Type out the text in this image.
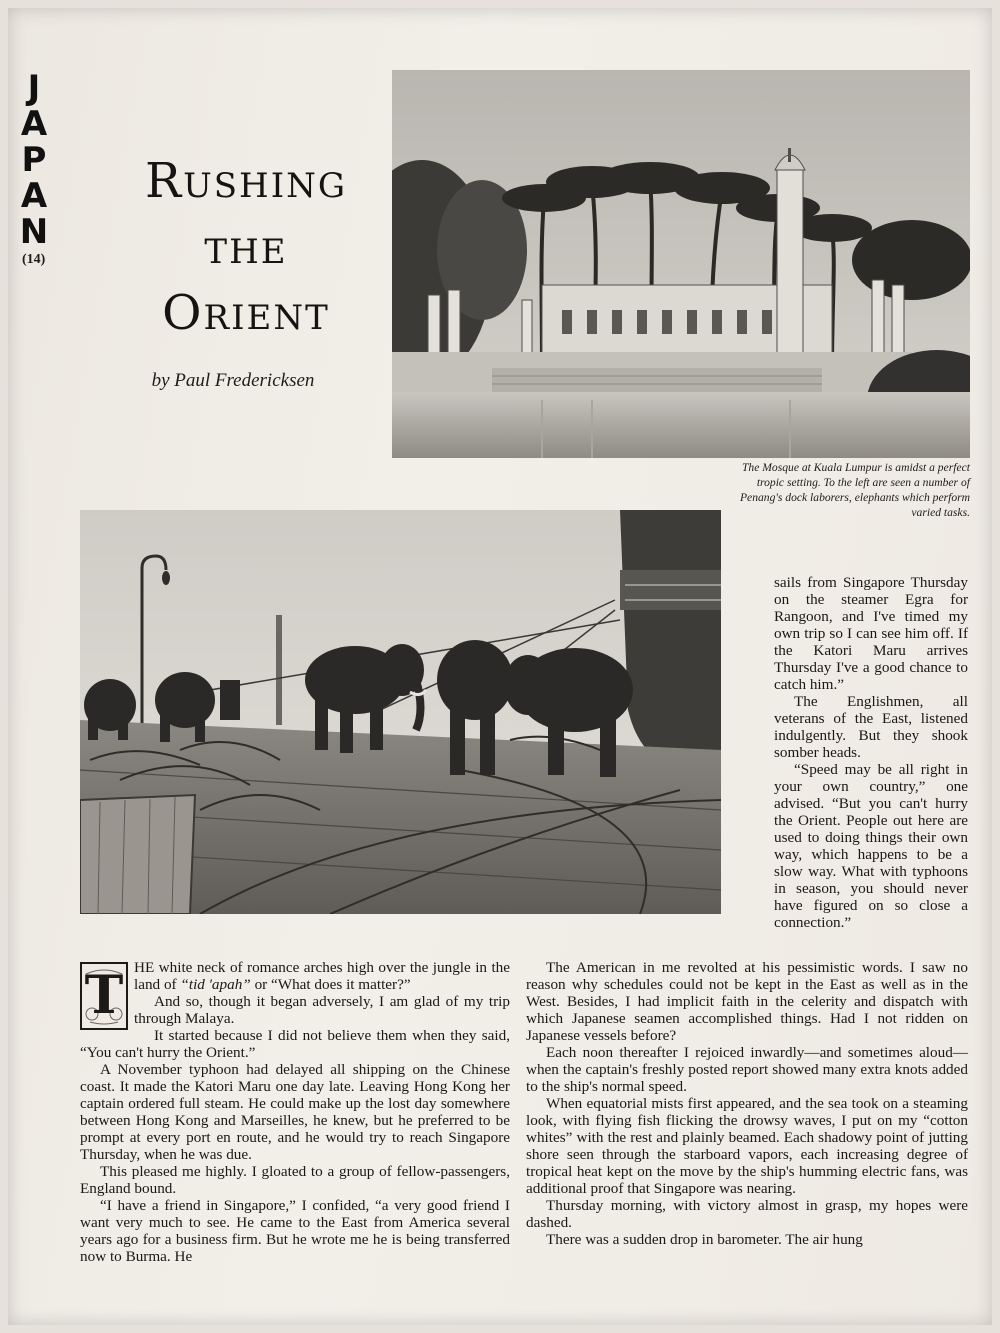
J
A
P
A
N
(14)
Rushing
the
Orient
by Paul Fredericksen
The Mosque at Kuala Lumpur is amidst a perfect tropic setting. To the left are seen a number of Penang's dock laborers, elephants which perform varied tasks.

sails from Singapore Thursday on the steamer Egra for Rangoon, and I've timed my own trip so I can see him off. If the Katori Maru arrives Thursday I've a good chance to catch him.”

The Englishmen, all veterans of the East, listened indulgently. But they shook somber heads.

“Speed may be all right in your own country,” one advised. “But you can't hurry the Orient. People out here are used to doing things their own way, which happens to be a slow way. What with typhoons in season, you should never have figured on so close a connection.”

THE white neck of romance arches high over the jungle in the land of “tid 'apah” or “What does it matter?”

And so, though it began adversely, I am glad of my trip through Malaya.

It started because I did not believe them when they said, “You can't hurry the Orient.”

A November typhoon had delayed all shipping on the Chinese coast. It made the Katori Maru one day late. Leaving Hong Kong her captain ordered full steam. He could make up the lost day somewhere between Hong Kong and Marseilles, he knew, but he preferred to be prompt at every port en route, and he would try to reach Singapore Thursday, when he was due.

This pleased me highly. I gloated to a group of fellow-passengers, England bound.

“I have a friend in Singapore,” I confided, “a very good friend I want very much to see. He came to the East from America several years ago for a business firm. But he wrote me he is being transferred now to Burma. He

The American in me revolted at his pessimistic words. I saw no reason why schedules could not be kept in the East as well as in the West. Besides, I had implicit faith in the celerity and dispatch with which Japanese seamen accomplished things. Had I not ridden on Japanese vessels before?

Each noon thereafter I rejoiced inwardly—and sometimes aloud—when the captain's freshly posted report showed many extra knots added to the ship's normal speed.

When equatorial mists first appeared, and the sea took on a steaming look, with flying fish flicking the drowsy waves, I put on my “cotton whites” with the rest and plainly beamed. Each shadowy point of jutting shore seen through the starboard vapors, each increasing degree of tropical heat kept on the move by the ship's humming electric fans, was additional proof that Singapore was nearing.

Thursday morning, with victory almost in grasp, my hopes were dashed.

There was a sudden drop in barometer. The air hung
